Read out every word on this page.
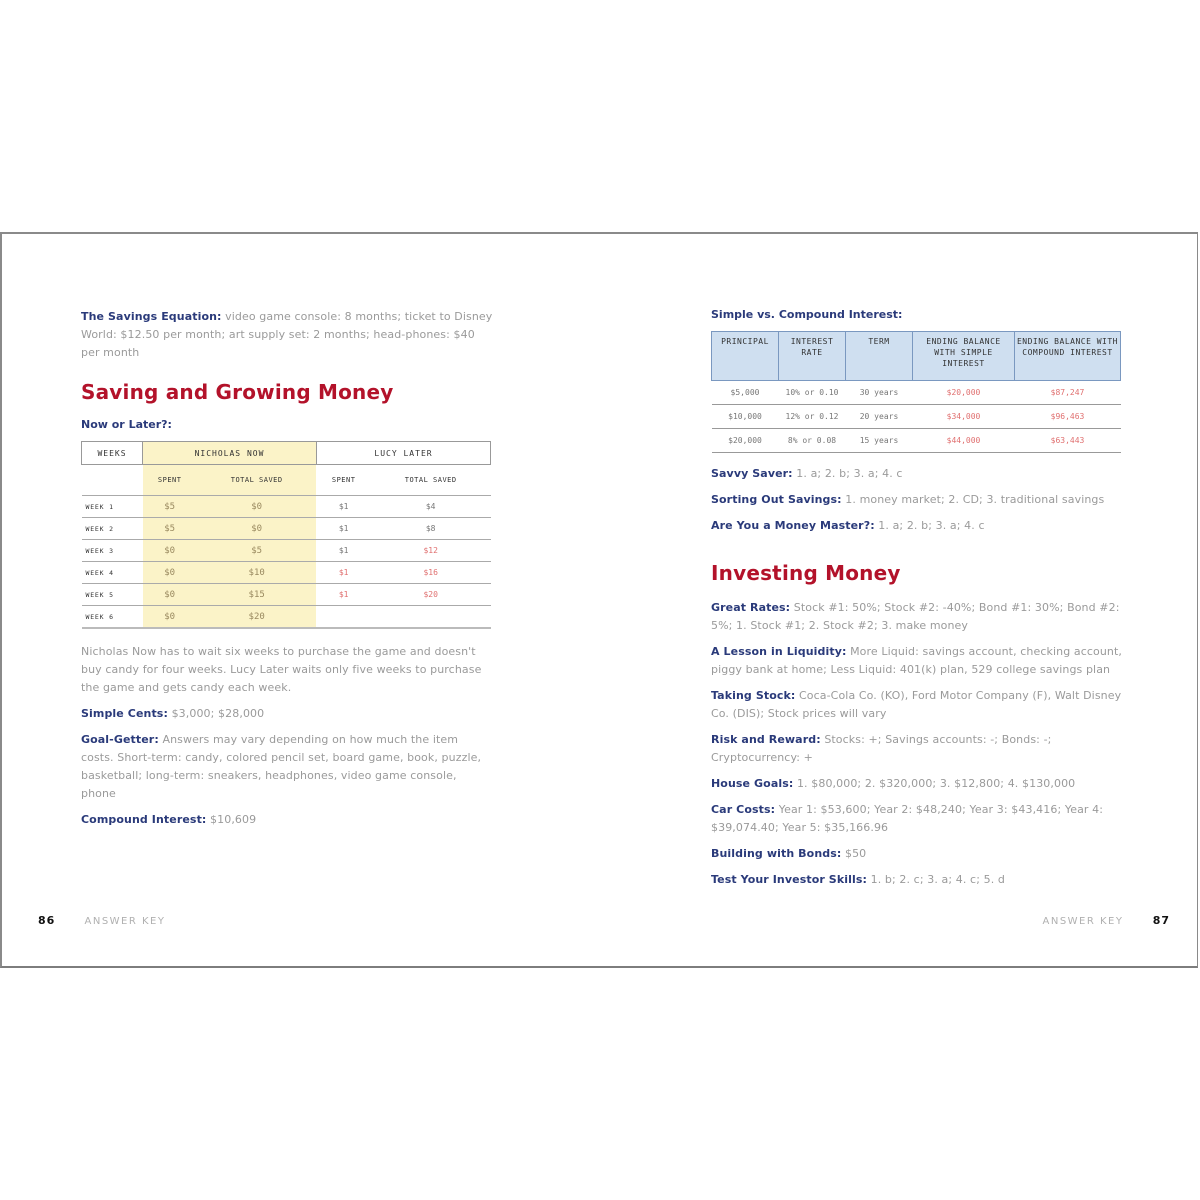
The Savings Equation: video game console: 8 months; ticket to Disney World: $12.50 per month; art supply set: 2 months; head-phones: $40 per month

Saving and Growing Money
Now or Later?:
WEEKS	NICHOLAS NOW		LUCY LATER	
	SPENT	TOTAL SAVED	SPENT	TOTAL SAVED
WEEK 1	$5	$0	$1	$4
WEEK 2	$5	$0	$1	$8
WEEK 3	$0	$5	$1	$12
WEEK 4	$0	$10	$1	$16
WEEK 5	$0	$15	$1	$20
WEEK 6	$0	$20		

Nicholas Now has to wait six weeks to purchase the game and doesn't buy candy for four weeks. Lucy Later waits only five weeks to purchase the game and gets candy each week.

Simple Cents: $3,000; $28,000

Goal-Getter: Answers may vary depending on how much the item costs. Short-term: candy, colored pencil set, board game, book, puzzle, basketball; long-term: sneakers, headphones, video game console, phone

Compound Interest: $10,609

86	ANSWER KEY
Simple vs. Compound Interest:
PRINCIPAL	INTEREST RATE	TERM	ENDING BALANCE WITH SIMPLE INTEREST	ENDING BALANCE WITH COMPOUND INTEREST
$5,000	10% or 0.10	30 years	$20,000	$87,247
$10,000	12% or 0.12	20 years	$34,000	$96,463
$20,000	8% or 0.08	15 years	$44,000	$63,443

Savvy Saver: 1. a; 2. b; 3. a; 4. c

Sorting Out Savings: 1. money market; 2. CD; 3. traditional savings

Are You a Money Master?: 1. a; 2. b; 3. a; 4. c

Investing Money

Great Rates: Stock #1: 50%; Stock #2: -40%; Bond #1: 30%; Bond #2: 5%; 1. Stock #1; 2. Stock #2; 3. make money

A Lesson in Liquidity: More Liquid: savings account, checking account, piggy bank at home; Less Liquid: 401(k) plan, 529 college savings plan

Taking Stock: Coca-Cola Co. (KO), Ford Motor Company (F), Walt Disney Co. (DIS); Stock prices will vary

Risk and Reward: Stocks: +; Savings accounts: -; Bonds: -; Cryptocurrency: +

House Goals: 1. $80,000; 2. $320,000; 3. $12,800; 4. $130,000

Car Costs: Year 1: $53,600; Year 2: $48,240; Year 3: $43,416; Year 4: $39,074.40; Year 5: $35,166.96

Building with Bonds: $50

Test Your Investor Skills: 1. b; 2. c; 3. a; 4. c; 5. d

ANSWER KEY	87
